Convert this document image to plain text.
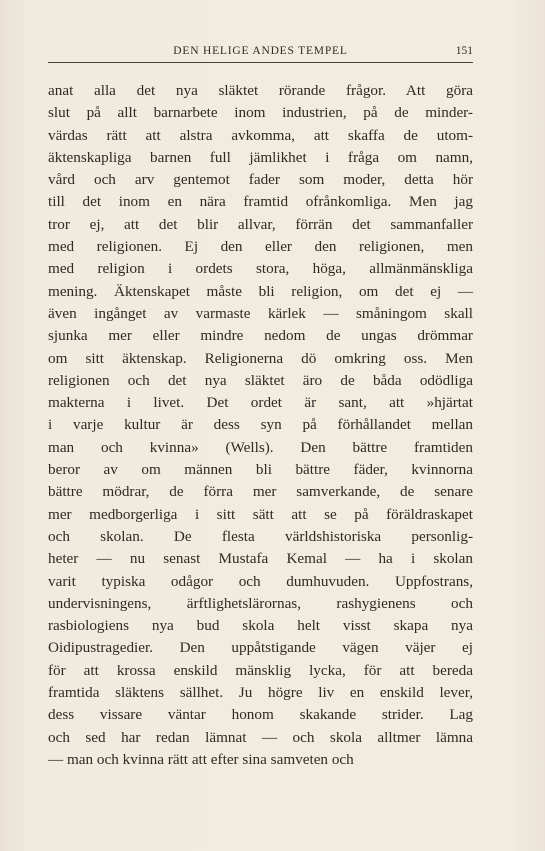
DEN HELIGE ANDES TEMPEL	151
anat alla det nya släktet rörande frågor. Att göra
slut på allt barnarbete inom industrien, på de minder-
värdas rätt att alstra avkomma, att skaffa de utom-
äktenskapliga barnen full jämlikhet i fråga om namn,
vård och arv gentemot fader som moder, detta hör
till det inom en nära framtid ofrånkomliga. Men jag
tror ej, att det blir allvar, förrän det sammanfaller
med religionen. Ej den eller den religionen, men
med religion i ordets stora, höga, allmänmänskliga
mening. Äktenskapet måste bli religion, om det ej —
även ingånget av varmaste kärlek — småningom skall
sjunka mer eller mindre nedom de ungas drömmar
om sitt äktenskap. Religionerna dö omkring oss. Men
religionen och det nya släktet äro de båda odödliga
makterna i livet. Det ordet är sant, att »hjärtat
i varje kultur är dess syn på förhållandet mellan
man och kvinna» (Wells). Den bättre framtiden
beror av om männen bli bättre fäder, kvinnorna
bättre mödrar, de förra mer samverkande, de senare
mer medborgerliga i sitt sätt att se på föräldraskapet
och skolan. De flesta världshistoriska personlig-
heter — nu senast Mustafa Kemal — ha i skolan
varit typiska odågor och dumhuvuden. Uppfostrans,
undervisningens, ärftlighetslärornas, rashygienens och
rasbiologiens nya bud skola helt visst skapa nya
Oidipustragedier. Den uppåtstigande vägen väjer ej
för att krossa enskild mänsklig lycka, för att bereda
framtida släktens sällhet. Ju högre liv en enskild lever,
dess vissare väntar honom skakande strider. Lag
och sed har redan lämnat — och skola alltmer lämna
— man och kvinna rätt att efter sina samveten och
